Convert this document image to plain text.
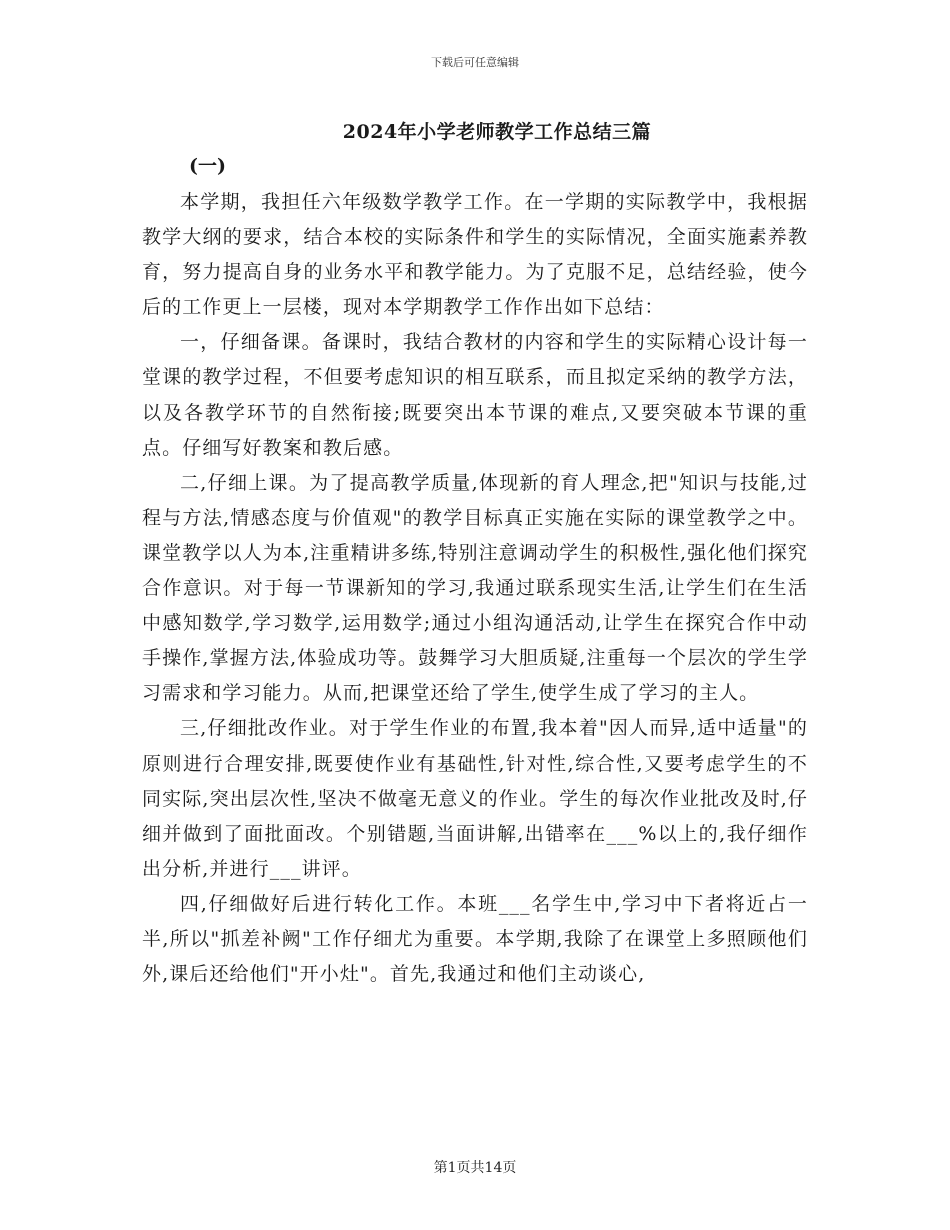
下载后可任意编辑
2024年小学老师教学工作总结三篇
(一)

本学期，我担任六年级数学教学工作。在一学期的实际教学中，我根据教学大纲的要求，结合本校的实际条件和学生的实际情况，全面实施素养教育，努力提高自身的业务水平和教学能力。为了克服不足，总结经验，使今后的工作更上一层楼，现对本学期教学工作作出如下总结：

一，仔细备课。备课时，我结合教材的内容和学生的实际精心设计每一堂课的教学过程，不但要考虑知识的相互联系，而且拟定采纳的教学方法，以及各教学环节的自然衔接;既要突出本节课的难点,又要突破本节课的重点。仔细写好教案和教后感。

二,仔细上课。为了提高教学质量,体现新的育人理念,把"知识与技能,过程与方法,情感态度与价值观"的教学目标真正实施在实际的课堂教学之中。课堂教学以人为本,注重精讲多练,特别注意调动学生的积极性,强化他们探究合作意识。对于每一节课新知的学习,我通过联系现实生活,让学生们在生活中感知数学,学习数学,运用数学;通过小组沟通活动,让学生在探究合作中动手操作,掌握方法,体验成功等。鼓舞学习大胆质疑,注重每一个层次的学生学习需求和学习能力。从而,把课堂还给了学生,使学生成了学习的主人。

三,仔细批改作业。对于学生作业的布置,我本着"因人而异,适中适量"的原则进行合理安排,既要使作业有基础性,针对性,综合性,又要考虑学生的不同实际,突出层次性,坚决不做毫无意义的作业。学生的每次作业批改及时,仔细并做到了面批面改。个别错题,当面讲解,出错率在___%以上的,我仔细作出分析,并进行___讲评。

四,仔细做好后进行转化工作。本班___名学生中,学习中下者将近占一半,所以"抓差补阙"工作仔细尤为重要。本学期,我除了在课堂上多照顾他们外,课后还给他们"开小灶"。首先,我通过和他们主动谈心,

第1页共14页
